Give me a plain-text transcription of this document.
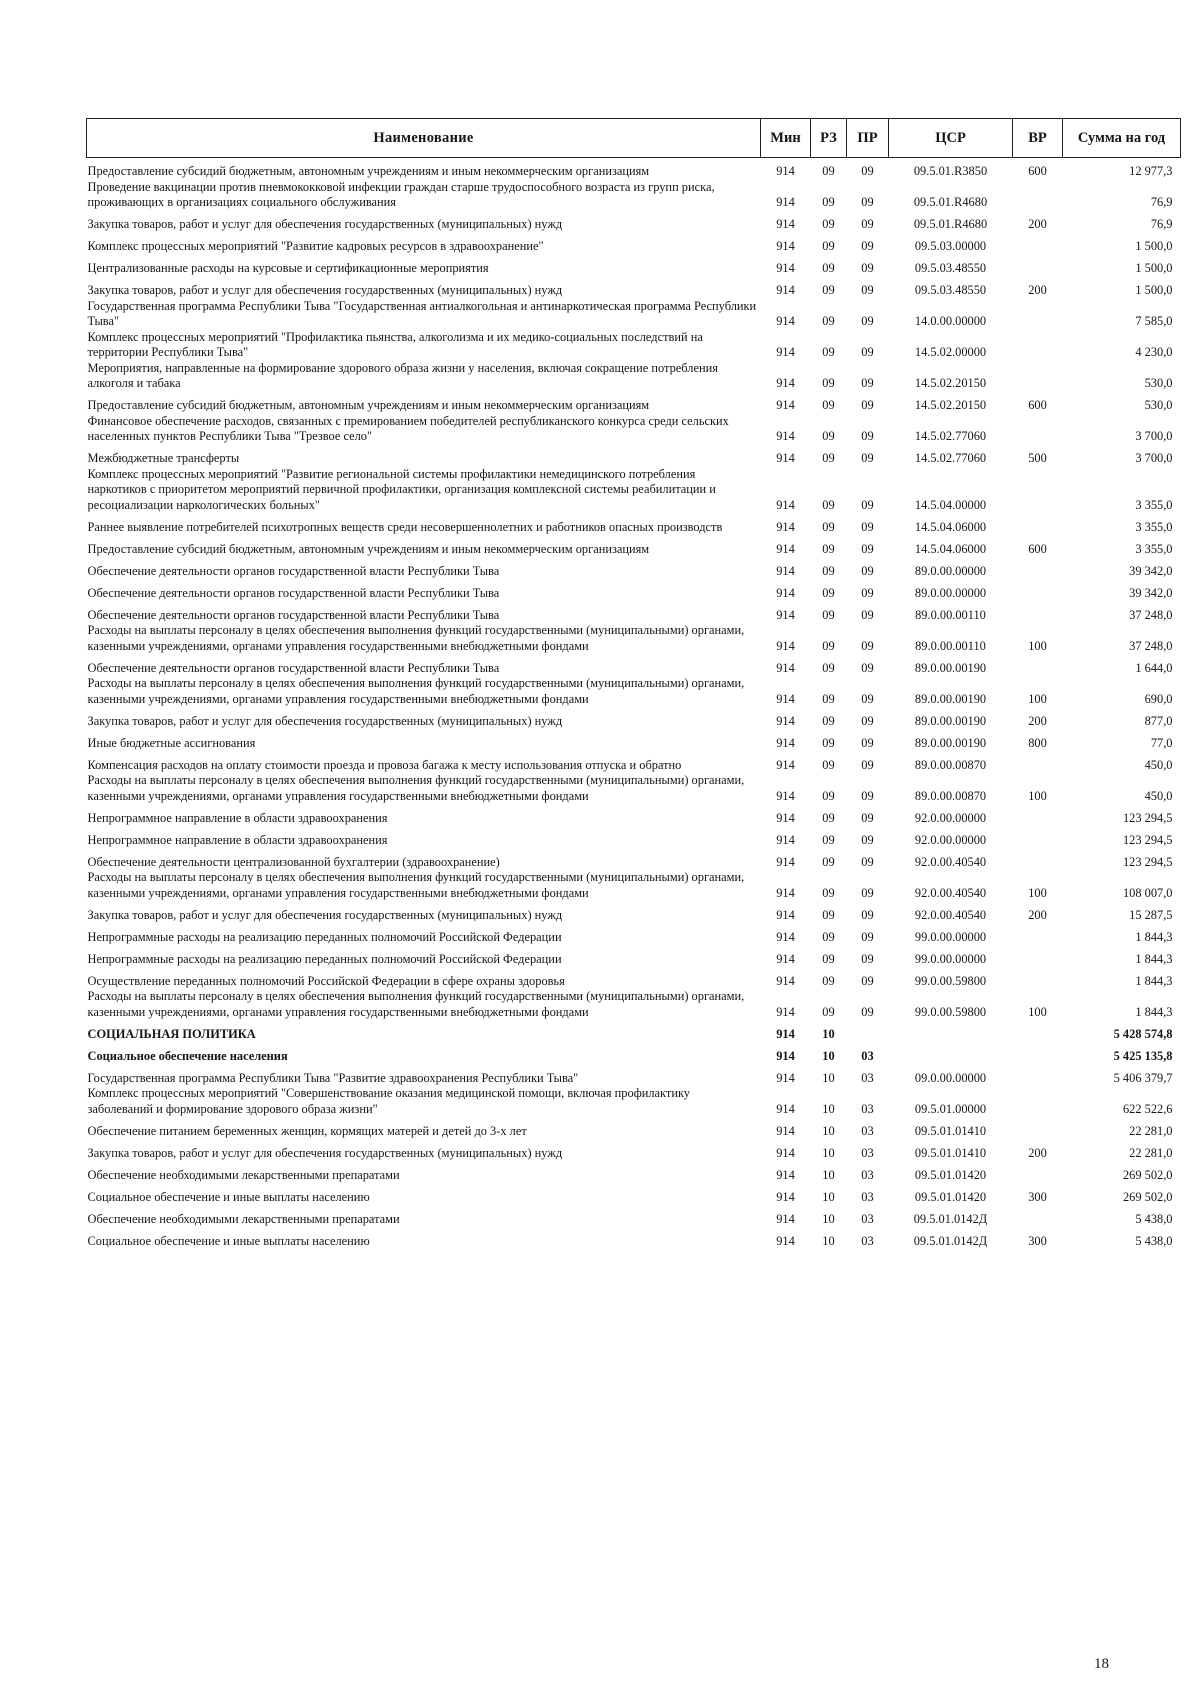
Наименование	Мин	РЗ	ПР	ЦСР	ВР	Сумма на год
Предоставление субсидий бюджетным, автономным учреждениям и иным некоммерческим организациям	914	09	09	09.5.01.R3850	600	12 977,3
Проведение вакцинации против пневмококковой инфекции граждан старше трудоспособного возраста из групп риска, проживающих в организациях социального обслуживания	914	09	09	09.5.01.R4680		76,9
Закупка товаров, работ и услуг для обеспечения государственных (муниципальных) нужд	914	09	09	09.5.01.R4680	200	76,9
Комплекс процессных мероприятий "Развитие кадровых ресурсов в здравоохранение"	914	09	09	09.5.03.00000		1 500,0
Централизованные расходы на курсовые и сертификационные мероприятия	914	09	09	09.5.03.48550		1 500,0
Закупка товаров, работ и услуг для обеспечения государственных (муниципальных) нужд	914	09	09	09.5.03.48550	200	1 500,0
Государственная программа Республики Тыва "Государственная антиалкогольная и антинаркотическая программа Республики Тыва"	914	09	09	14.0.00.00000		7 585,0
Комплекс процессных мероприятий "Профилактика пьянства, алкоголизма и их медико-социальных последствий на территории Республики Тыва"	914	09	09	14.5.02.00000		4 230,0
Мероприятия, направленные на формирование здорового образа жизни у населения, включая сокращение потребления алкоголя и табака	914	09	09	14.5.02.20150		530,0
Предоставление субсидий бюджетным, автономным учреждениям и иным некоммерческим организациям	914	09	09	14.5.02.20150	600	530,0
Финансовое обеспечение расходов, связанных с премированием победителей республиканского конкурса среди сельских населенных пунктов Республики Тыва "Трезвое село"	914	09	09	14.5.02.77060		3 700,0
Межбюджетные трансферты	914	09	09	14.5.02.77060	500	3 700,0
Комплекс процессных мероприятий "Развитие региональной системы профилактики немедицинского потребления наркотиков с приоритетом мероприятий первичной профилактики, организация комплексной системы реабилитации и ресоциализации наркологических больных"	914	09	09	14.5.04.00000		3 355,0
Раннее выявление потребителей психотропных веществ среди несовершеннолетних и работников опасных производств	914	09	09	14.5.04.06000		3 355,0
Предоставление субсидий бюджетным, автономным учреждениям и иным некоммерческим организациям	914	09	09	14.5.04.06000	600	3 355,0
Обеспечение деятельности органов государственной власти Республики Тыва	914	09	09	89.0.00.00000		39 342,0
Обеспечение деятельности органов государственной власти Республики Тыва	914	09	09	89.0.00.00000		39 342,0
Обеспечение деятельности органов государственной власти Республики Тыва	914	09	09	89.0.00.00110		37 248,0
Расходы на выплаты персоналу в целях обеспечения выполнения функций государственными (муниципальными) органами, казенными учреждениями, органами управления государственными внебюджетными фондами	914	09	09	89.0.00.00110	100	37 248,0
Обеспечение деятельности органов государственной власти Республики Тыва	914	09	09	89.0.00.00190		1 644,0
Расходы на выплаты персоналу в целях обеспечения выполнения функций государственными (муниципальными) органами, казенными учреждениями, органами управления государственными внебюджетными фондами	914	09	09	89.0.00.00190	100	690,0
Закупка товаров, работ и услуг для обеспечения государственных (муниципальных) нужд	914	09	09	89.0.00.00190	200	877,0
Иные бюджетные ассигнования	914	09	09	89.0.00.00190	800	77,0
Компенсация расходов на оплату стоимости проезда и провоза багажа к месту использования отпуска и обратно	914	09	09	89.0.00.00870		450,0
Расходы на выплаты персоналу в целях обеспечения выполнения функций государственными (муниципальными) органами, казенными учреждениями, органами управления государственными внебюджетными фондами	914	09	09	89.0.00.00870	100	450,0
Непрограммное направление в области здравоохранения	914	09	09	92.0.00.00000		123 294,5
Непрограммное направление в области здравоохранения	914	09	09	92.0.00.00000		123 294,5
Обеспечение деятельности централизованной бухгалтерии (здравоохранение)	914	09	09	92.0.00.40540		123 294,5
Расходы на выплаты персоналу в целях обеспечения выполнения функций государственными (муниципальными) органами, казенными учреждениями, органами управления государственными внебюджетными фондами	914	09	09	92.0.00.40540	100	108 007,0
Закупка товаров, работ и услуг для обеспечения государственных (муниципальных) нужд	914	09	09	92.0.00.40540	200	15 287,5
Непрограммные расходы на реализацию переданных полномочий Российской Федерации	914	09	09	99.0.00.00000		1 844,3
Непрограммные расходы на реализацию переданных полномочий Российской Федерации	914	09	09	99.0.00.00000		1 844,3
Осуществление переданных полномочий Российской Федерации в сфере охраны здоровья	914	09	09	99.0.00.59800		1 844,3
Расходы на выплаты персоналу в целях обеспечения выполнения функций государственными (муниципальными) органами, казенными учреждениями, органами управления государственными внебюджетными фондами	914	09	09	99.0.00.59800	100	1 844,3
СОЦИАЛЬНАЯ ПОЛИТИКА	914	10				5 428 574,8
Социальное обеспечение населения	914	10	03			5 425 135,8
Государственная программа Республики Тыва "Развитие здравоохранения Республики Тыва"	914	10	03	09.0.00.00000		5 406 379,7
Комплекс процессных мероприятий "Совершенствование оказания медицинской помощи, включая профилактику заболеваний и формирование здорового образа жизни"	914	10	03	09.5.01.00000		622 522,6
Обеспечение питанием беременных женщин, кормящих матерей и детей до 3-х лет	914	10	03	09.5.01.01410		22 281,0
Закупка товаров, работ и услуг для обеспечения государственных (муниципальных) нужд	914	10	03	09.5.01.01410	200	22 281,0
Обеспечение необходимыми лекарственными препаратами	914	10	03	09.5.01.01420		269 502,0
Социальное обеспечение и иные выплаты населению	914	10	03	09.5.01.01420	300	269 502,0
Обеспечение необходимыми лекарственными препаратами	914	10	03	09.5.01.0142Д		5 438,0
Социальное обеспечение и иные выплаты населению	914	10	03	09.5.01.0142Д	300	5 438,0
18
